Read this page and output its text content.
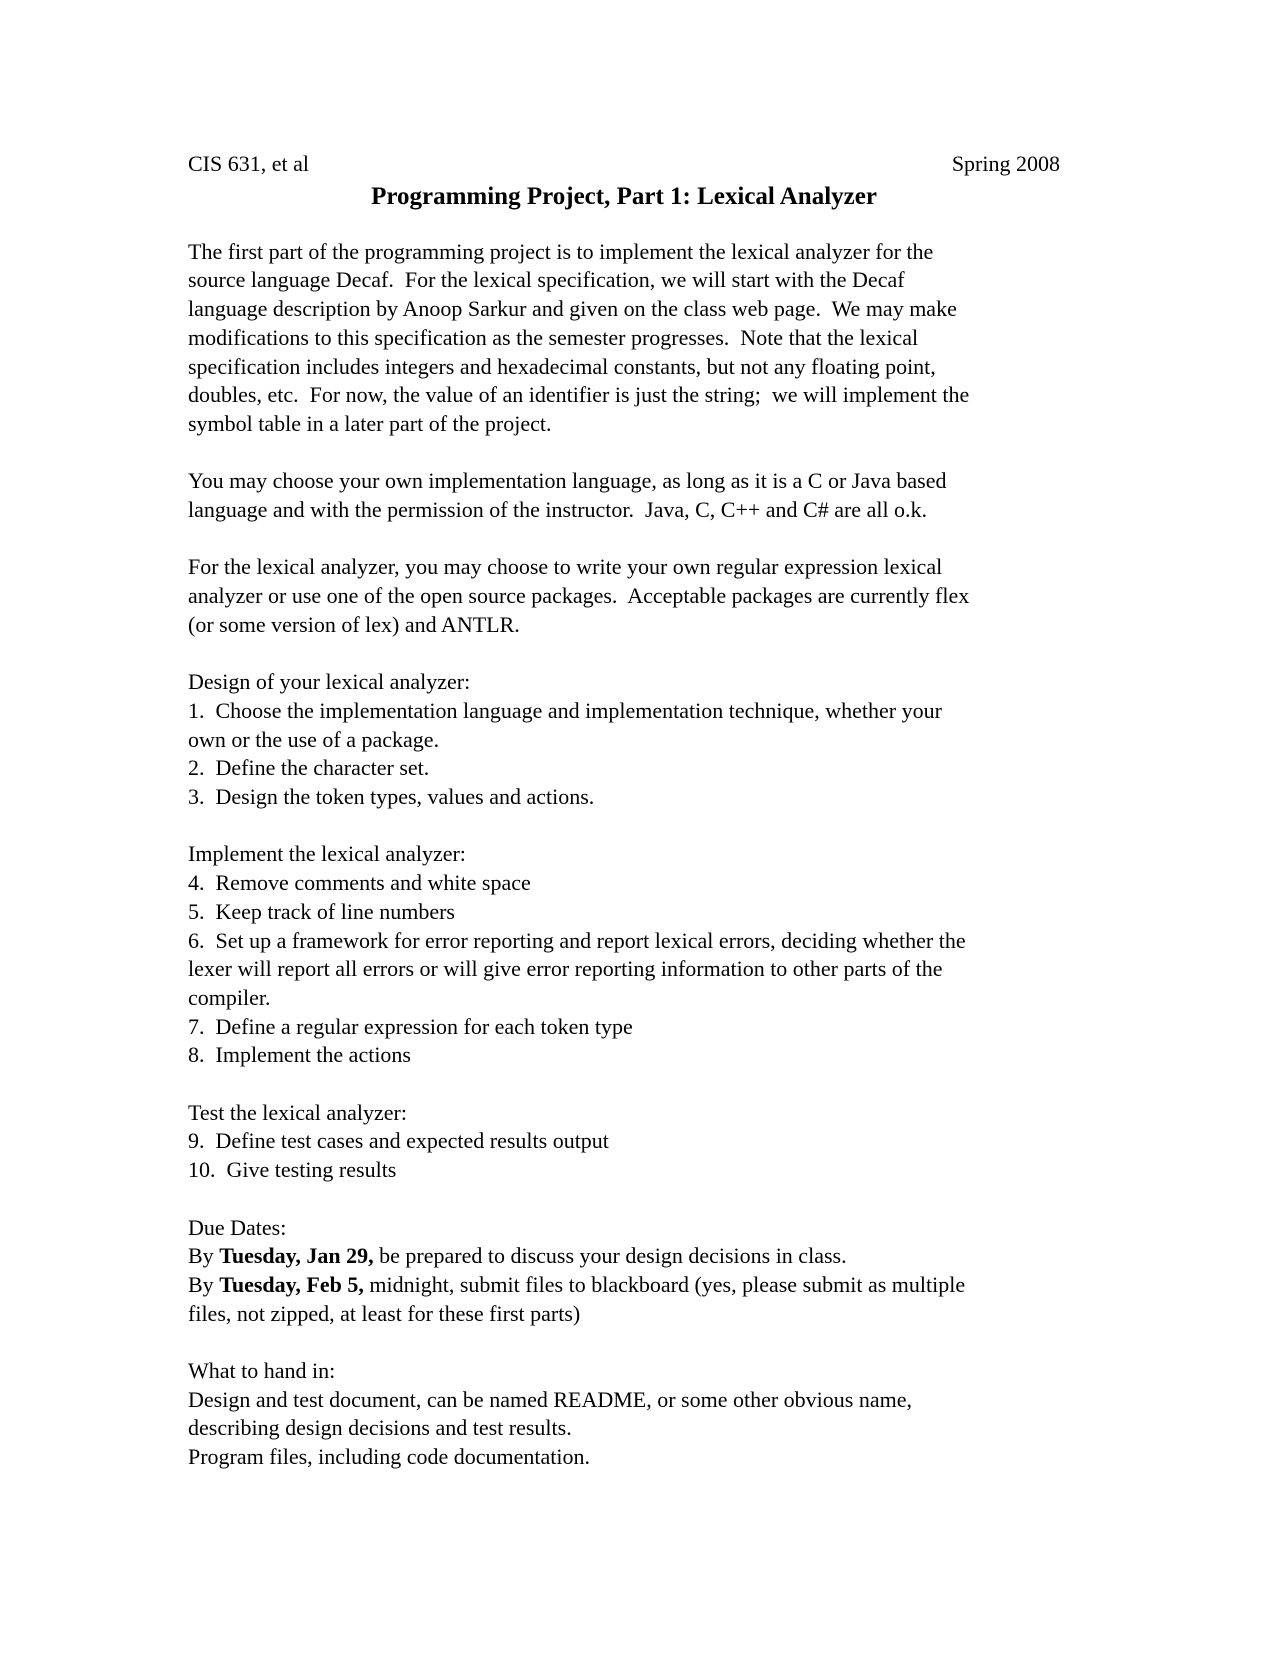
CIS 631, et al	Spring 2008
Programming Project, Part 1: Lexical Analyzer
The first part of the programming project is to implement the lexical analyzer for the
source language Decaf.  For the lexical specification, we will start with the Decaf
language description by Anoop Sarkur and given on the class web page.  We may make
modifications to this specification as the semester progresses.  Note that the lexical
specification includes integers and hexadecimal constants, but not any floating point,
doubles, etc.  For now, the value of an identifier is just the string;  we will implement the
symbol table in a later part of the project.
You may choose your own implementation language, as long as it is a C or Java based
language and with the permission of the instructor.  Java, C, C++ and C# are all o.k.
For the lexical analyzer, you may choose to write your own regular expression lexical
analyzer or use one of the open source packages.  Acceptable packages are currently flex
(or some version of lex) and ANTLR.
Design of your lexical analyzer:
1.  Choose the implementation language and implementation technique, whether your
own or the use of a package.
2.  Define the character set.
3.  Design the token types, values and actions.
Implement the lexical analyzer:
4.  Remove comments and white space
5.  Keep track of line numbers
6.  Set up a framework for error reporting and report lexical errors, deciding whether the
lexer will report all errors or will give error reporting information to other parts of the
compiler.
7.  Define a regular expression for each token type
8.  Implement the actions
Test the lexical analyzer:
9.  Define test cases and expected results output
10.  Give testing results
Due Dates:
By Tuesday, Jan 29, be prepared to discuss your design decisions in class.
By Tuesday, Feb 5, midnight, submit files to blackboard (yes, please submit as multiple
files, not zipped, at least for these first parts)
What to hand in:
Design and test document, can be named README, or some other obvious name,
describing design decisions and test results.
Program files, including code documentation.
